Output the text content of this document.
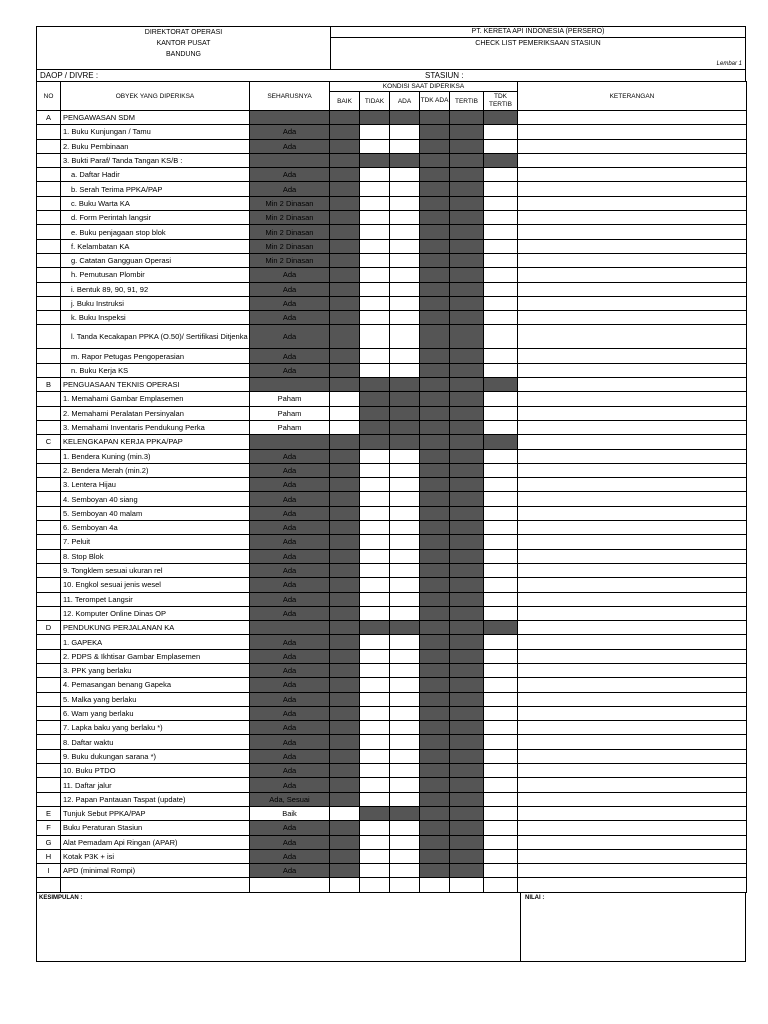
DIREKTORAT OPERASI
KANTOR PUSAT
BANDUNG
PT. KERETA API INDONESIA (PERSERO)
CHECK LIST PEMERIKSAAN STASIUN
Lembar 1
DAOP / DIVRE :	STASIUN :
NO	OBYEK YANG DIPERIKSA	SEHARUSNYA	KONDISI SAAT DIPERIKSA						KETERANGAN
			BAIK	TIDAK	ADA	TDK ADA	TERTIB	TDK TERTIB	
A	PENGAWASAN SDM								
	1. Buku Kunjungan / Tamu	Ada							
	2. Buku Pembinaan	Ada							
	3. Bukti Paraf/ Tanda Tangan KS/B :								
	a. Daftar Hadir	Ada							
	b. Serah Terima PPKA/PAP	Ada							
	c. Buku Warta KA	Min 2 Dinasan							
	d. Form Perintah langsir	Min 2 Dinasan							
	e. Buku penjagaan stop blok	Min 2 Dinasan							
	f. Kelambatan KA	Min 2 Dinasan							
	g. Catatan Gangguan Operasi	Min 2 Dinasan							
	h. Pemutusan Plombir	Ada							
	i. Bentuk 89, 90, 91, 92	Ada							
	j. Buku Instruksi	Ada							
	k. Buku Inspeksi	Ada							
	l. Tanda Kecakapan PPKA (O.50)/ Sertifikasi Ditjenka	Ada							
	m. Rapor Petugas Pengoperasian	Ada							
	n. Buku Kerja KS	Ada							
B	PENGUASAAN TEKNIS OPERASI								
	1. Memahami Gambar Emplasemen	Paham							
	2. Memahami Peralatan Persinyalan	Paham							
	3. Memahami Inventaris Pendukung Perka	Paham							
C	KELENGKAPAN KERJA PPKA/PAP								
	1. Bendera Kuning (min.3)	Ada							
	2. Bendera Merah (min.2)	Ada							
	3. Lentera Hijau	Ada							
	4. Semboyan 40 siang	Ada							
	5. Semboyan 40 malam	Ada							
	6. Semboyan 4a	Ada							
	7. Peluit	Ada							
	8. Stop Blok	Ada							
	9. Tongklem sesuai ukuran rel	Ada							
	10. Engkol sesuai jenis wesel	Ada							
	11. Terompet Langsir	Ada							
	12. Komputer Online Dinas OP	Ada							
D	PENDUKUNG PERJALANAN KA								
	1. GAPEKA	Ada							
	2. PDPS & Ikhtisar Gambar Emplasemen	Ada							
	3. PPK yang berlaku	Ada							
	4. Pemasangan benang Gapeka	Ada							
	5. Malka yang berlaku	Ada							
	6. Wam yang berlaku	Ada							
	7. Lapka baku yang berlaku *)	Ada							
	8. Daftar waktu	Ada							
	9. Buku dukungan sarana *)	Ada							
	10. Buku PTDO	Ada							
	11. Daftar jalur	Ada							
	12. Papan Pantauan Taspat (update)	Ada, Sesuai							
E	Tunjuk Sebut PPKA/PAP	Baik							
F	Buku Peraturan Stasiun	Ada							
G	Alat Pemadam Api Ringan (APAR)	Ada							
H	Kotak P3K + isi	Ada							
I	APD (minimal Rompi)	Ada							

KESIMPULAN :	NILAI :
